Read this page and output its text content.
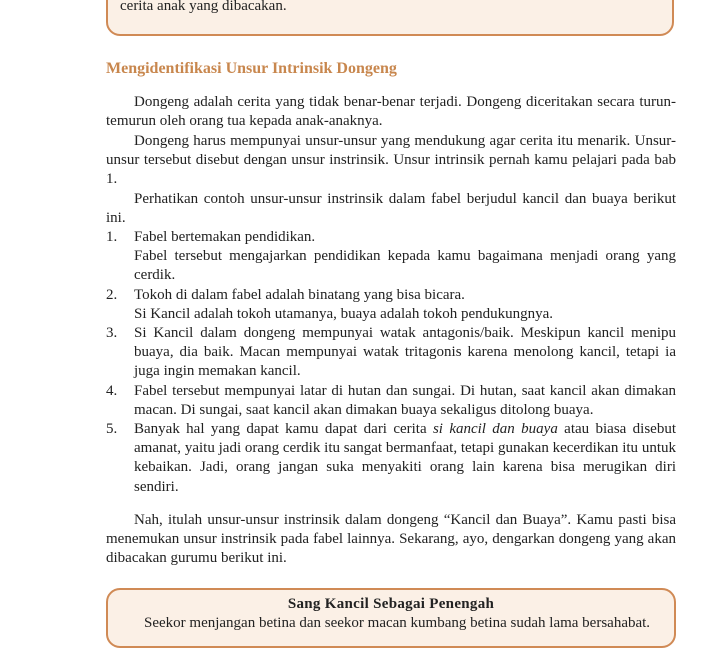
cerita anak yang dibacakan.
Mengidentifikasi Unsur Intrinsik Dongeng

Dongeng adalah cerita yang tidak benar-benar terjadi. Dongeng diceritakan secara turun-temurun oleh orang tua kepada anak-anaknya.

Dongeng harus mempunyai unsur-unsur yang mendukung agar cerita itu menarik. Unsur-unsur tersebut disebut dengan unsur instrinsik. Unsur intrinsik pernah kamu pelajari pada bab 1.

Perhatikan contoh unsur-unsur instrinsik dalam fabel berjudul kancil dan buaya berikut ini.

1. Fabel bertemakan pendidikan.
Fabel tersebut mengajarkan pendidikan kepada kamu bagaimana menjadi orang yang cerdik.
2. Tokoh di dalam fabel adalah binatang yang bisa bicara.
Si Kancil adalah tokoh utamanya, buaya adalah tokoh pendukungnya.
3. Si Kancil dalam dongeng mempunyai watak antagonis/baik. Meskipun kancil menipu buaya, dia baik. Macan mempunyai watak tritagonis karena menolong kancil, tetapi ia juga ingin memakan kancil.
4. Fabel tersebut mempunyai latar di hutan dan sungai. Di hutan, saat kancil akan dimakan macan. Di sungai, saat kancil akan dimakan buaya sekaligus ditolong buaya.
5. Banyak hal yang dapat kamu dapat dari cerita si kancil dan buaya atau biasa disebut amanat, yaitu jadi orang cerdik itu sangat bermanfaat, tetapi gunakan kecerdikan itu untuk kebaikan. Jadi, orang jangan suka menyakiti orang lain karena bisa merugikan diri sendiri.

Nah, itulah unsur-unsur instrinsik dalam dongeng “Kancil dan Buaya”. Kamu pasti bisa menemukan unsur instrinsik pada fabel lainnya. Sekarang, ayo, dengarkan dongeng yang akan dibacakan gurumu berikut ini.

Sang Kancil Sebagai Penengah
Seekor menjangan betina dan seekor macan kumbang betina sudah lama bersahabat.
